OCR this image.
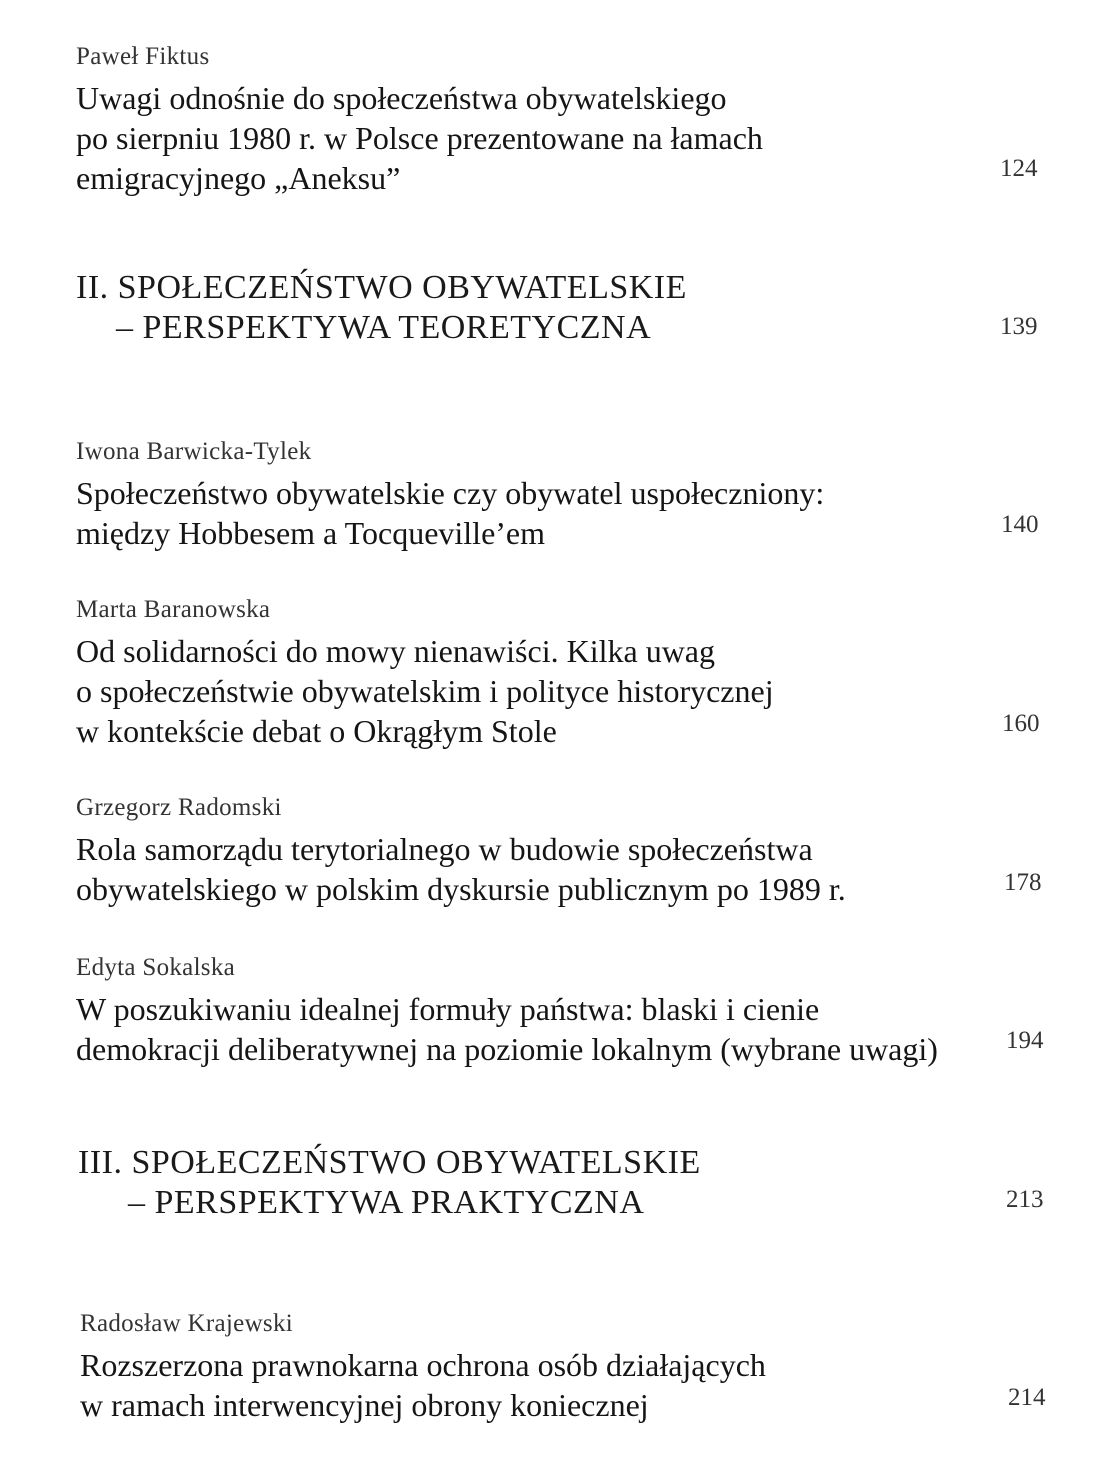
Paweł Fiktus
Uwagi odnośnie do społeczeństwa obywatelskiego
po sierpniu 1980 r. w Polsce prezentowane na łamach
emigracyjnego „Aneksu”	124
II. SPOŁECZEŃSTWO OBYWATELSKIE
– PERSPEKTYWA TEORETYCZNA	139
Iwona Barwicka-Tylek
Społeczeństwo obywatelskie czy obywatel uspołeczniony:
między Hobbesem a Tocqueville’em	140
Marta Baranowska
Od solidarności do mowy nienawiści. Kilka uwag
o społeczeństwie obywatelskim i polityce historycznej
w kontekście debat o Okrągłym Stole	160
Grzegorz Radomski
Rola samorządu terytorialnego w budowie społeczeństwa
obywatelskiego w polskim dyskursie publicznym po 1989 r.	178
Edyta Sokalska
W poszukiwaniu idealnej formuły państwa: blaski i cienie
demokracji deliberatywnej na poziomie lokalnym (wybrane uwagi)	194
III. SPOŁECZEŃSTWO OBYWATELSKIE
– PERSPEKTYWA PRAKTYCZNA	213
Radosław Krajewski
Rozszerzona prawnokarna ochrona osób działających
w ramach interwencyjnej obrony koniecznej	214
